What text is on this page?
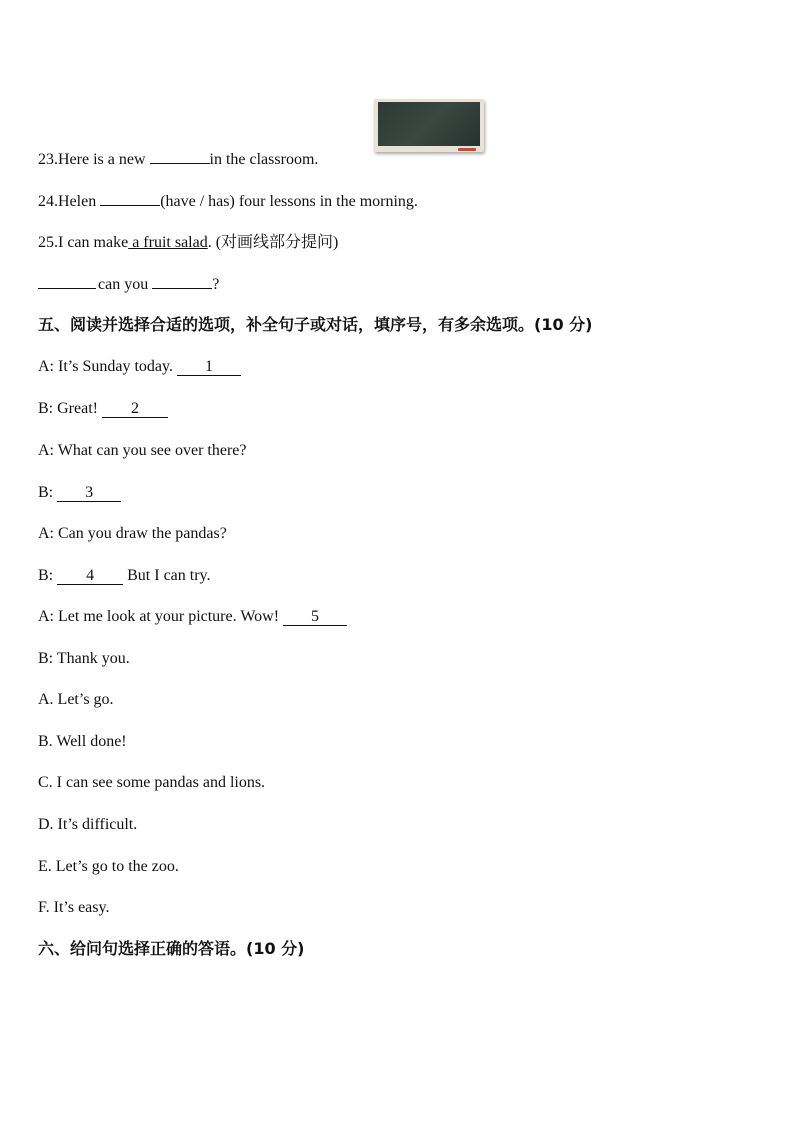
23.Here is a new	in the classroom.
24.Helen	(have / has) four lessons in the morning.
25.I can make a fruit salad. (对画线部分提问)
can you	?
五、阅读并选择合适的选项，补全句子或对话，填序号，有多余选项。(10 分)
A: It’s Sunday today. 1
B: Great! 2
A: What can you see over there?
B: 3
A: Can you draw the pandas?
B: 4 But I can try.
A: Let me look at your picture. Wow! 5
B: Thank you.
A. Let’s go.
B. Well done!
C. I can see some pandas and lions.
D. It’s difficult.
E. Let’s go to the zoo.
F. It’s easy.
六、给问句选择正确的答语。(10 分)
